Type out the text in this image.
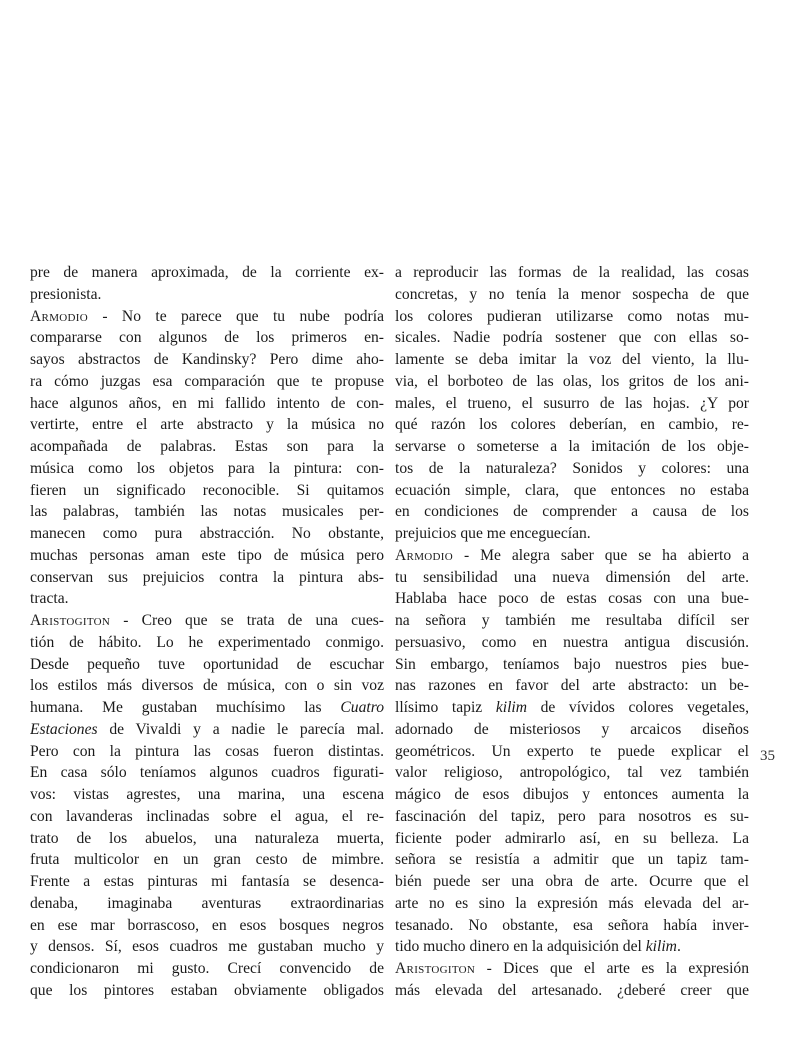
pre de manera aproximada, de la corriente ex-
presionista.
Armodio - No te parece que tu nube podría
compararse con algunos de los primeros en-
sayos abstractos de Kandinsky? Pero dime aho-
ra cómo juzgas esa comparación que te propuse
hace algunos años, en mi fallido intento de con-
vertirte, entre el arte abstracto y la música no
acompañada de palabras. Estas son para la
música como los objetos para la pintura: con-
fieren un significado reconocible. Si quitamos
las palabras, también las notas musicales per-
manecen como pura abstracción. No obstante,
muchas personas aman este tipo de música pero
conservan sus prejuicios contra la pintura abs-
tracta.
Aristogiton - Creo que se trata de una cues-
tión de hábito. Lo he experimentado conmigo.
Desde pequeño tuve oportunidad de escuchar
los estilos más diversos de música, con o sin voz
humana. Me gustaban muchísimo las Cuatro
Estaciones de Vivaldi y a nadie le parecía mal.
Pero con la pintura las cosas fueron distintas.
En casa sólo teníamos algunos cuadros figurati-
vos: vistas agrestes, una marina, una escena
con lavanderas inclinadas sobre el agua, el re-
trato de los abuelos, una naturaleza muerta,
fruta multicolor en un gran cesto de mimbre.
Frente a estas pinturas mi fantasía se desenca-
denaba, imaginaba aventuras extraordinarias
en ese mar borrascoso, en esos bosques negros
y densos. Sí, esos cuadros me gustaban mucho y
condicionaron mi gusto. Crecí convencido de
que los pintores estaban obviamente obligados
a reproducir las formas de la realidad, las cosas
concretas, y no tenía la menor sospecha de que
los colores pudieran utilizarse como notas mu-
sicales. Nadie podría sostener que con ellas so-
lamente se deba imitar la voz del viento, la llu-
via, el borboteo de las olas, los gritos de los ani-
males, el trueno, el susurro de las hojas. ¿Y por
qué razón los colores deberían, en cambio, re-
servarse o someterse a la imitación de los obje-
tos de la naturaleza? Sonidos y colores: una
ecuación simple, clara, que entonces no estaba
en condiciones de comprender a causa de los
prejuicios que me enceguecían.
Armodio - Me alegra saber que se ha abierto a
tu sensibilidad una nueva dimensión del arte.
Hablaba hace poco de estas cosas con una bue-
na señora y también me resultaba difícil ser
persuasivo, como en nuestra antigua discusión.
Sin embargo, teníamos bajo nuestros pies bue-
nas razones en favor del arte abstracto: un be-
llísimo tapiz kilim de vívidos colores vegetales,
adornado de misteriosos y arcaicos diseños
geométricos. Un experto te puede explicar el
valor religioso, antropológico, tal vez también
mágico de esos dibujos y entonces aumenta la
fascinación del tapiz, pero para nosotros es su-
ficiente poder admirarlo así, en su belleza. La
señora se resistía a admitir que un tapiz tam-
bién puede ser una obra de arte. Ocurre que el
arte no es sino la expresión más elevada del ar-
tesanado. No obstante, esa señora había inver-
tido mucho dinero en la adquisición del kilim.
Aristogiton - Dices que el arte es la expresión
más elevada del artesanado. ¿deberé creer que
35
